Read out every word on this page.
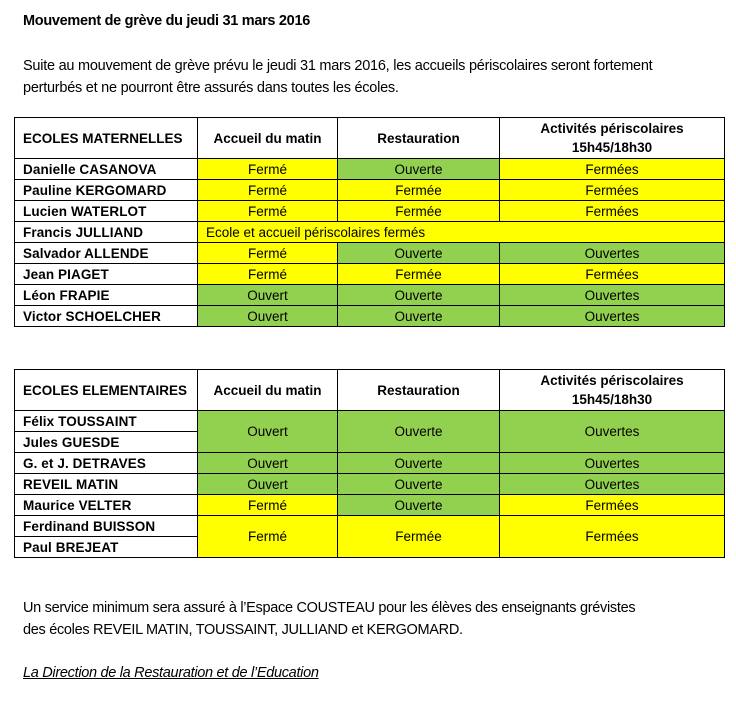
Mouvement de grève du jeudi 31 mars 2016
Suite au mouvement de grève prévu le jeudi 31 mars 2016, les accueils périscolaires seront fortement perturbés et ne pourront être assurés dans toutes les écoles.
ECOLES MATERNELLES	Accueil du matin	Restauration	Activités périscolaires
15h45/18h30
Danielle CASANOVA	Fermé	Ouverte	Fermées
Pauline KERGOMARD	Fermé	Fermée	Fermées
Lucien WATERLOT	Fermé	Fermée	Fermées
Francis JULLIAND	Ecole et accueil périscolaires fermés		
Salvador ALLENDE	Fermé	Ouverte	Ouvertes
Jean PIAGET	Fermé	Fermée	Fermées
Léon FRAPIE	Ouvert	Ouverte	Ouvertes
Victor SCHOELCHER	Ouvert	Ouverte	Ouvertes
ECOLES ELEMENTAIRES	Accueil du matin	Restauration	Activités périscolaires
15h45/18h30
Félix TOUSSAINT	Ouvert	Ouverte	Ouvertes
Jules GUESDE			
G. et J. DETRAVES	Ouvert	Ouverte	Ouvertes
REVEIL MATIN	Ouvert	Ouverte	Ouvertes
Maurice VELTER	Fermé	Ouverte	Fermées
Ferdinand BUISSON	Fermé	Fermée	Fermées
Paul BREJEAT			
Un service minimum sera assuré à l’Espace COUSTEAU pour les élèves des enseignants grévistes
des écoles REVEIL MATIN, TOUSSAINT, JULLIAND et KERGOMARD.
La Direction de la Restauration et de l’Education
